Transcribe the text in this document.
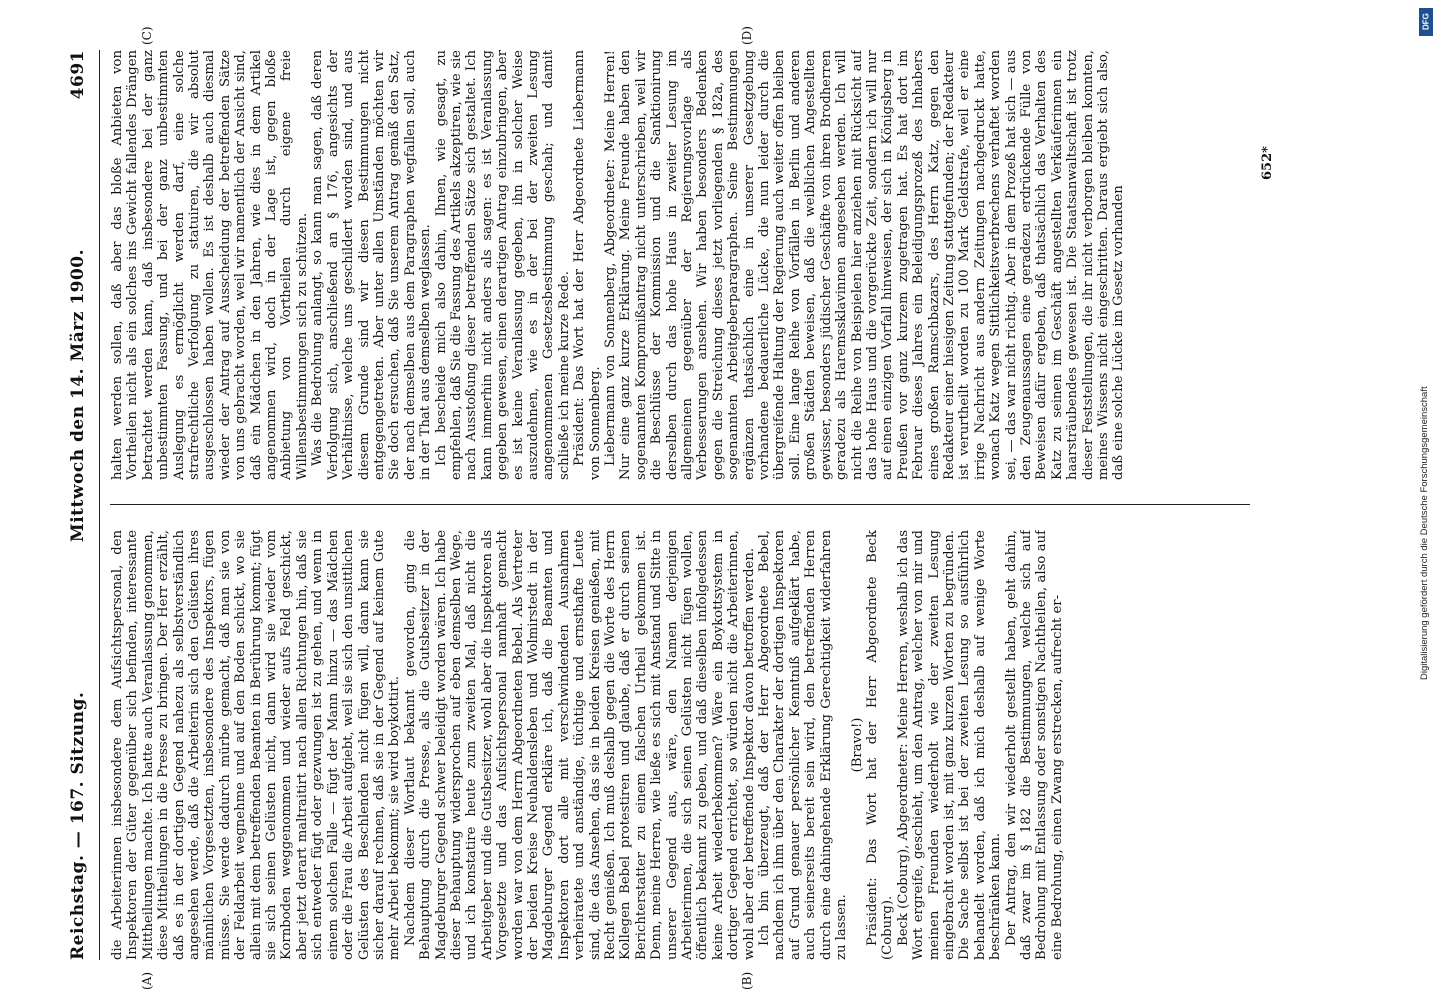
Reichstag. — 167. Sitzung.
Mittwoch den 14. März 1900.
4691
(A)	(B)
(C)	(D)

die Arbeiterinnen insbesondere dem Aufsichtspersonal, den Inspektoren der Güter gegenüber sich befinden, interessante Mittheilungen machte. Ich hatte auch Veranlassung genommen, diese Mittheilungen in die Presse zu bringen. Der Herr erzählt, daß es in der dortigen Gegend nahezu als selbstverständlich angesehen werde, daß die Arbeiterin sich den Gelüsten ihres männlichen Vorgesetzten, insbesondere des Inspektors, fügen müsse. Sie werde dadurch mürbe gemacht, daß man sie von der Feldarbeit wegnehme und auf den Boden schickt, wo sie allein mit dem betreffenden Beamten in Berührung kommt; fügt sie sich seinen Gelüsten nicht, dann wird sie wieder vom Kornboden weggenommen und wieder aufs Feld geschickt, aber jetzt derart maltraitirt nach allen Richtungen hin, daß sie sich entweder fügt oder gezwungen ist zu gehen, und wenn in einem solchen Falle — fügt der Mann hinzu — das Mädchen oder die Frau die Arbeit aufgiebt, weil sie sich den unsittlichen Gelüsten des Beschlenden nicht fügen will, dann kann sie sicher darauf rechnen, daß sie in der Gegend auf keinem Gute mehr Arbeit bekommt; sie wird boykottirt. Nachdem dieser Wortlaut bekannt geworden, ging die Behauptung durch die Presse, als die Gutsbesitzer in der Magdeburger Gegend schwer beleidigt worden wären. Ich habe dieser Behauptung widersprochen auf eben demselben Wege, und ich konstatire heute zum zweiten Mal, daß nicht die Arbeitgeber und die Gutsbesitzer, wohl aber die Inspektoren als Vorgesetzte und das Aufsichtspersonal namhaft gemacht worden war von dem Herrn Abgeordneten Bebel. Als Vertreter der beiden Kreise Neuhaldensleben und Wolmirstedt in der Magdeburger Gegend erkläre ich, daß die Beamten und Inspektoren dort alle mit verschwindenden Ausnahmen verheiratete und anständige, tüchtige und ernsthafte Leute sind, die das Ansehen, das sie in beiden Kreisen genießen, mit Recht genießen. Ich muß deshalb gegen die Worte des Herrn Kollegen Bebel protestiren und glaube, daß er durch seinen Berichterstatter zu einem falschen Urtheil gekommen ist. Denn, meine Herren, wie ließe es sich mit Anstand und Sitte in unserer Gegend aus, wäre, den Namen derjenigen Arbeiterinnen, die sich seinen Gelüsten nicht fügen wollen, öffentlich bekannt zu geben, und daß dieselben infolgedessen keine Arbeit wiederbekommen? Wäre ein Boykottsystem in dortiger Gegend errichtet, so würden nicht die Arbeiterinnen, wohl aber der betreffende Inspektor davon betroffen werden. Ich bin überzeugt, daß der Herr Abgeordnete Bebel, nachdem ich ihm über den Charakter der dortigen Inspektoren auf Grund genauer persönlicher Kenntniß aufgeklärt habe, auch seinerseits bereit sein wird, den betreffenden Herren durch eine dahingehende Erklärung Gerechtigkeit widerfahren zu lassen.

(Bravo!) Präsident: Das Wort hat der Herr Abgeordnete Beck (Coburg). Beck (Coburg), Abgeordneter: Meine Herren, weshalb ich das Wort ergreife, geschieht, um den Antrag, welcher von mir und meinen Freunden wiederholt wie der zweiten Lesung eingebracht worden ist, mit ganz kurzen Worten zu begründen. Die Sache selbst ist bei der zweiten Lesung so ausführlich behandelt worden, daß ich mich deshalb auf wenige Worte beschränken kann. Der Antrag, den wir wiederholt gestellt haben, geht dahin, daß zwar im § 182 die Bestimmungen, welche sich auf Bedrohung mit Entlassung oder sonstigen Nachtheilen, also auf eine Bedrohung, einen Zwang erstrecken, aufrecht er-

halten werden sollen, daß aber das bloße Anbieten von Vortheilen nicht als ein solches ins Gewicht fallendes Drängen betrachtet werden kann, daß insbesondere bei der ganz unbestimmten Fassung, und bei der ganz unbestimmten Auslegung es ermöglicht werden darf, eine solche strafrechtliche Verfolgung zu statuiren, die wir absolut ausgeschlossen haben wollen. Es ist deshalb auch diesmal wieder der Antrag auf Ausscheidung der betreffenden Sätze von uns gebracht worden, weil wir namentlich der Ansicht sind, daß ein Mädchen in den Jahren, wie dies in dem Artikel angenommen wird, doch in der Lage ist, gegen bloße Anbietung von Vortheilen durch eigene freie Willensbestimmungen sich zu schützen. Was die Bedrohung anlangt, so kann man sagen, daß deren Verfolgung sich, anschließend an § 176, angesichts der Verhältnisse, welche uns geschildert worden sind, und aus diesem Grunde sind wir diesen Bestimmungen nicht entgegengetreten. Aber unter allen Umständen möchten wir Sie doch ersuchen, daß Sie unserem Antrag gemäß den Satz, der nach demselben aus dem Paragraphen wegfallen soll, auch in der That aus demselben weglassen. Ich bescheide mich also dahin, Ihnen, wie gesagt, zu empfehlen, daß Sie die Fassung des Artikels akzeptiren, wie sie nach Ausstoßung dieser betreffenden Sätze sich gestaltet. Ich kann immerhin nicht anders als sagen: es ist Veranlassung gegeben gewesen, einen derartigen Antrag einzubringen, aber es ist keine Veranlassung gegeben, ihn in solcher Weise auszudehnen, wie es in der bei der zweiten Lesung angenommenen Gesetzesbestimmung geschah; und damit schließe ich meine kurze Rede. Präsident: Das Wort hat der Herr Abgeordnete Liebermann von Sonnenberg. Liebermann von Sonnenberg, Abgeordneter: Meine Herren! Nur eine ganz kurze Erklärung. Meine Freunde haben den sogenannten Kompromißantrag nicht unterschrieben, weil wir die Beschlüsse der Kommission und die Sanktionirung derselben durch das hohe Haus in zweiter Lesung im allgemeinen gegenüber der Regierungsvorlage als Verbesserungen ansehen. Wir haben besonders Bedenken gegen die Streichung dieses jetzt vorliegenden § 182a, des sogenannten Arbeitgeberparagraphen. Seine Bestimmungen ergänzen thatsächlich eine in unserer Gesetzgebung vorhandene bedauerliche Lücke, die nun leider durch die übergreifende Haltung der Regierung auch weiter offen bleiben soll. Eine lange Reihe von Vorfällen in Berlin und anderen großen Städten beweisen, daß die weiblichen Angestellten gewisser, besonders jüdischer Geschäfte von ihren Brodherren geradezu als Haremssklavinnen angesehen werden. Ich will nicht die Reihe von Beispielen hier anziehen mit Rücksicht auf das hohe Haus und die vorgerückte Zeit, sondern ich will nur auf einen einzigen Vorfall hinweisen, der sich in Königsberg in Preußen vor ganz kurzem zugetragen hat. Es hat dort im Februar dieses Jahres ein Beleidigungsprozeß des Inhabers eines großen Ramschbazars, des Herrn Katz, gegen den Redakteur einer hiesigen Zeitung stattgefunden; der Redakteur ist verurtheilt worden zu 100 Mark Geldstrafe, weil er eine irrige Nachricht aus andern Zeitungen nachgedruckt hatte, wonach Katz wegen Sittlichkeitsverbrechens verhaftet worden sei, — das war nicht richtig. Aber in dem Prozeß hat sich — aus den Zeugenaussagen eine geradezu erdrückende Fülle von Beweisen dafür ergeben, daß thatsächlich das Verhalten des Katz zu seinen im Geschäft angestellten Verkäuferinnen ein haarsträubendes gewesen ist. Die Staatsanwaltschaft ist trotz dieser Feststellungen, die ihr nicht verborgen bleiben konnten, meines Wissens nicht eingeschritten. Daraus ergiebt sich also, daß eine solche Lücke im Gesetz vorhanden

652*
DFG
Digitalisierung gefördert durch die Deutsche Forschungsgemeinschaft
